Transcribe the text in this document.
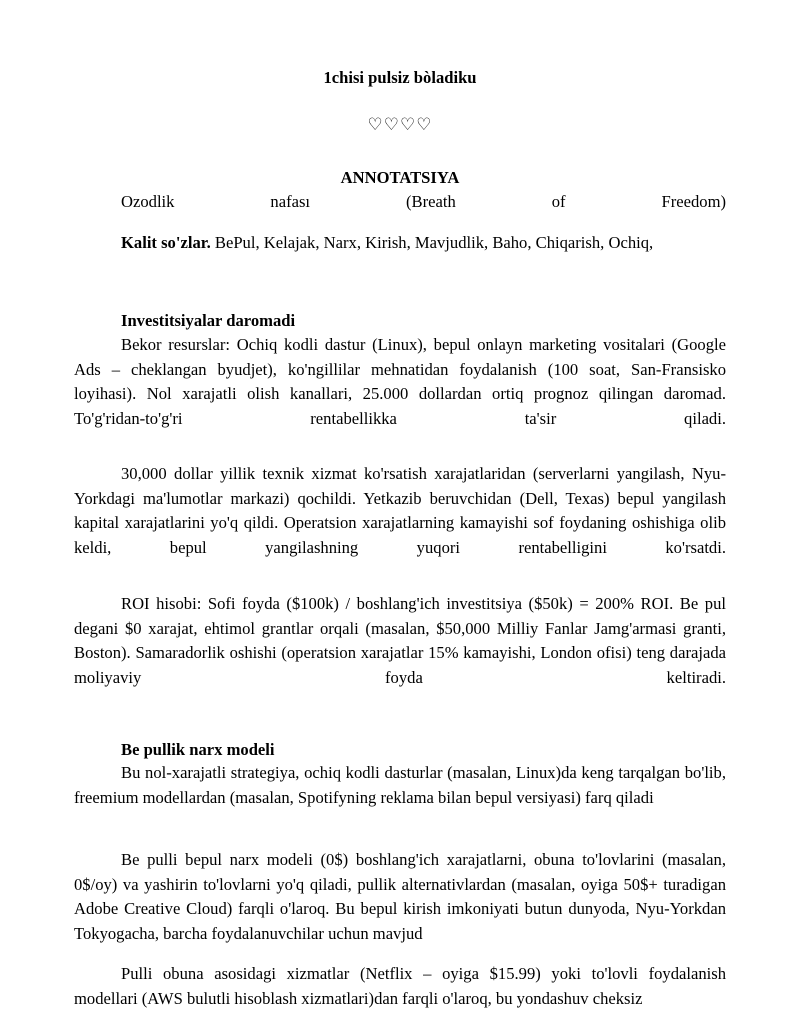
1chisi pulsiz bòladiku
♡♡♡♡
ANNOTATSIYA

Ozodlik nafası (Breath of Freedom)

Kalit so'zlar. BePul, Kelajak, Narx, Kirish, Mavjudlik, Baho, Chiqarish, Ochiq,

Investitsiyalar daromadi

Bekor resurslar: Ochiq kodli dastur (Linux), bepul onlayn marketing vositalari (Google Ads – cheklangan byudjet), ko'ngillilar mehnatidan foydalanish (100 soat, San-Fransisko loyihasi). Nol xarajatli olish kanallari, 25.000 dollardan ortiq prognoz qilingan daromad. To'g'ridan-to'g'ri rentabellikka ta'sir qiladi.

30,000 dollar yillik texnik xizmat ko'rsatish xarajatlaridan (serverlarni yangilash, Nyu-Yorkdagi ma'lumotlar markazi) qochildi. Yetkazib beruvchidan (Dell, Texas) bepul yangilash kapital xarajatlarini yo'q qildi. Operatsion xarajatlarning kamayishi sof foydaning oshishiga olib keldi, bepul yangilashning yuqori rentabelligini ko'rsatdi.

ROI hisobi: Sofi foyda ($100k) / boshlang'ich investitsiya ($50k) = 200% ROI. Be pul degani $0 xarajat, ehtimol grantlar orqali (masalan, $50,000 Milliy Fanlar Jamg'armasi granti, Boston). Samaradorlik oshishi (operatsion xarajatlar 15% kamayishi, London ofisi) teng darajada moliyaviy foyda keltiradi.

Be pullik narx modeli

Bu nol-xarajatli strategiya, ochiq kodli dasturlar (masalan, Linux)da keng tarqalgan bo'lib, freemium modellardan (masalan, Spotifyning reklama bilan bepul versiyasi) farq qiladi

Be pulli bepul narx modeli (0$) boshlang'ich xarajatlarni, obuna to'lovlarini (masalan, 0$/oy) va yashirin to'lovlarni yo'q qiladi, pullik alternativlardan (masalan, oyiga 50$+ turadigan Adobe Creative Cloud) farqli o'laroq. Bu bepul kirish imkoniyati butun dunyoda, Nyu-Yorkdan Tokyogacha, barcha foydalanuvchilar uchun mavjud

Pulli obuna asosidagi xizmatlar (Netflix – oyiga $15.99) yoki to'lovli foydalanish modellari (AWS bulutli hisoblash xizmatlari)dan farqli o'laroq, bu yondashuv cheksiz
